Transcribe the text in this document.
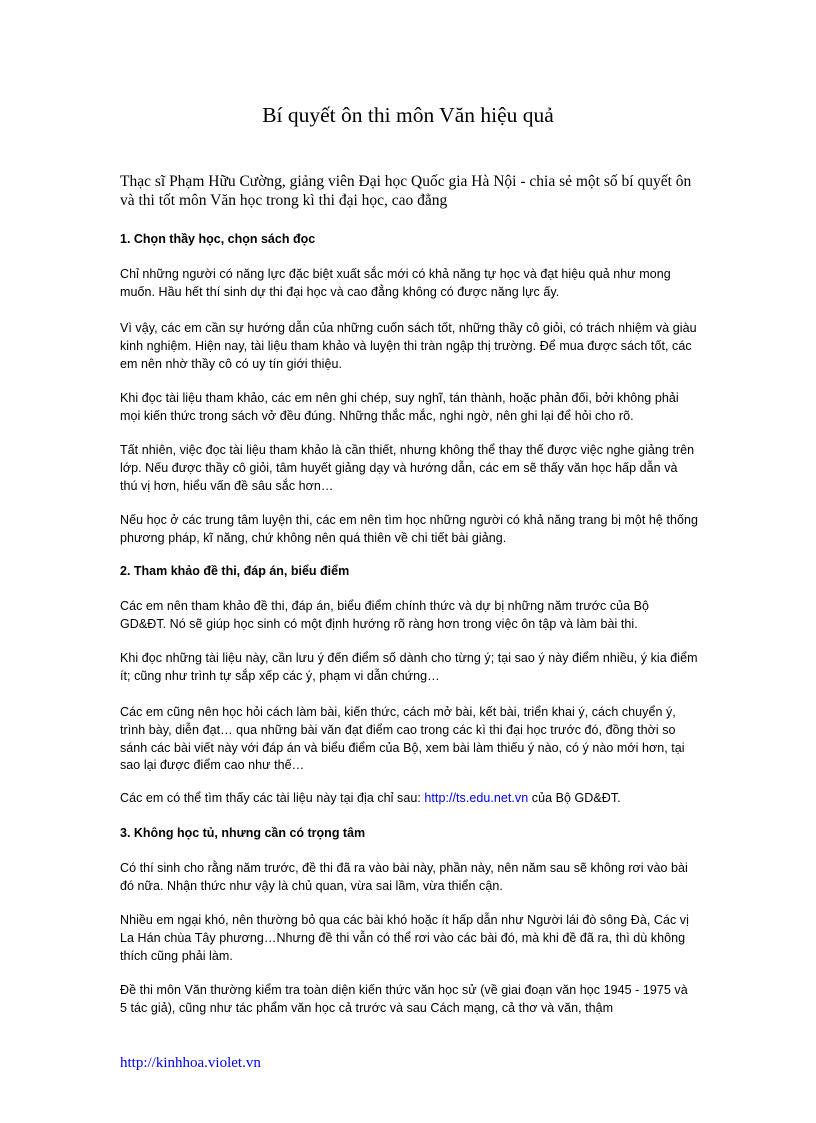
Bí quyết ôn thi môn Văn hiệu quả
Thạc sĩ Phạm Hữu Cường, giảng viên Đại học Quốc gia Hà Nội - chia sẻ một số bí quyết ôn và thi tốt môn Văn học trong kì thi đại học, cao đẳng
1. Chọn thầy học, chọn sách đọc
Chỉ những người có năng lực đặc biệt xuất sắc mới có khả năng tự học và đạt hiệu quả như mong muốn. Hầu hết thí sinh dự thi đại học và cao đẳng không có được năng lực ấy.
Vì vậy, các em cần sự hướng dẫn của những cuốn sách tốt, những thầy cô giỏi, có trách nhiệm và giàu kinh nghiệm. Hiện nay, tài liệu tham khảo và luyện thi tràn ngập thị trường. Để mua được sách tốt, các em nên nhờ thầy cô có uy tín giới thiệu.
Khi đọc tài liệu tham khảo, các em nên ghi chép, suy nghĩ, tán thành, hoặc phản đối, bởi không phải mọi kiến thức trong sách vở đều đúng. Những thắc mắc, nghi ngờ, nên ghi lại để hỏi cho rõ.
Tất nhiên, việc đọc tài liệu tham khảo là cần thiết, nhưng không thể thay thế được việc nghe giảng trên lớp. Nếu được thầy cô giỏi, tâm huyết giảng dạy và hướng dẫn, các em sẽ thấy văn học hấp dẫn và thú vị hơn, hiểu vấn đề sâu sắc hơn…
Nếu học ở các trung tâm luyện thi, các em nên tìm học những người có khả năng trang bị một hệ thống phương pháp, kĩ năng, chứ không nên quá thiên về chi tiết bài giảng.
2. Tham khảo đề thi, đáp án, biểu điểm
Các em nên tham khảo đề thi, đáp án, biểu điểm chính thức và dự bị những năm trước của Bộ GD&ĐT. Nó sẽ giúp học sinh có một định hướng rõ ràng hơn trong việc ôn tập và làm bài thi.
Khi đọc những tài liệu này, cần lưu ý đến điểm số dành cho từng ý; tại sao ý này điểm nhiều, ý kia điểm ít; cũng như trình tự sắp xếp các ý, phạm vi dẫn chứng…
Các em cũng nên học hỏi cách làm bài, kiến thức, cách mở bài, kết bài, triển khai ý, cách chuyển ý, trình bày, diễn đạt… qua những bài văn đạt điểm cao trong các kì thi đại học trước đó, đồng thời so sánh các bài viết này với đáp án và biểu điểm của Bộ, xem bài làm thiếu ý nào, có ý nào mới hơn, tại sao lại được điểm cao như thế…
Các em có thể tìm thấy các tài liệu này tại địa chỉ sau: http://ts.edu.net.vn của Bộ GD&ĐT.
3. Không học tủ, nhưng cần có trọng tâm
Có thí sinh cho rằng năm trước, đề thi đã ra vào bài này, phần này, nên năm sau sẽ không rơi vào bài đó nữa. Nhận thức như vậy là chủ quan, vừa sai lầm, vừa thiển cận.
Nhiều em ngại khó, nên thường bỏ qua các bài khó hoặc ít hấp dẫn như Người lái đò sông Đà, Các vị La Hán chùa Tây phương…Nhưng đề thi vẫn có thể rơi vào các bài đó, mà khi đề đã ra, thì dù không thích cũng phải làm.
Đề thi môn Văn thường kiểm tra toàn diện kiến thức văn học sử (về giai đoạn văn học 1945 - 1975 và 5 tác giả), cũng như tác phẩm văn học cả trước và sau Cách mạng, cả thơ và văn, thậm
http://kinhhoa.violet.vn
